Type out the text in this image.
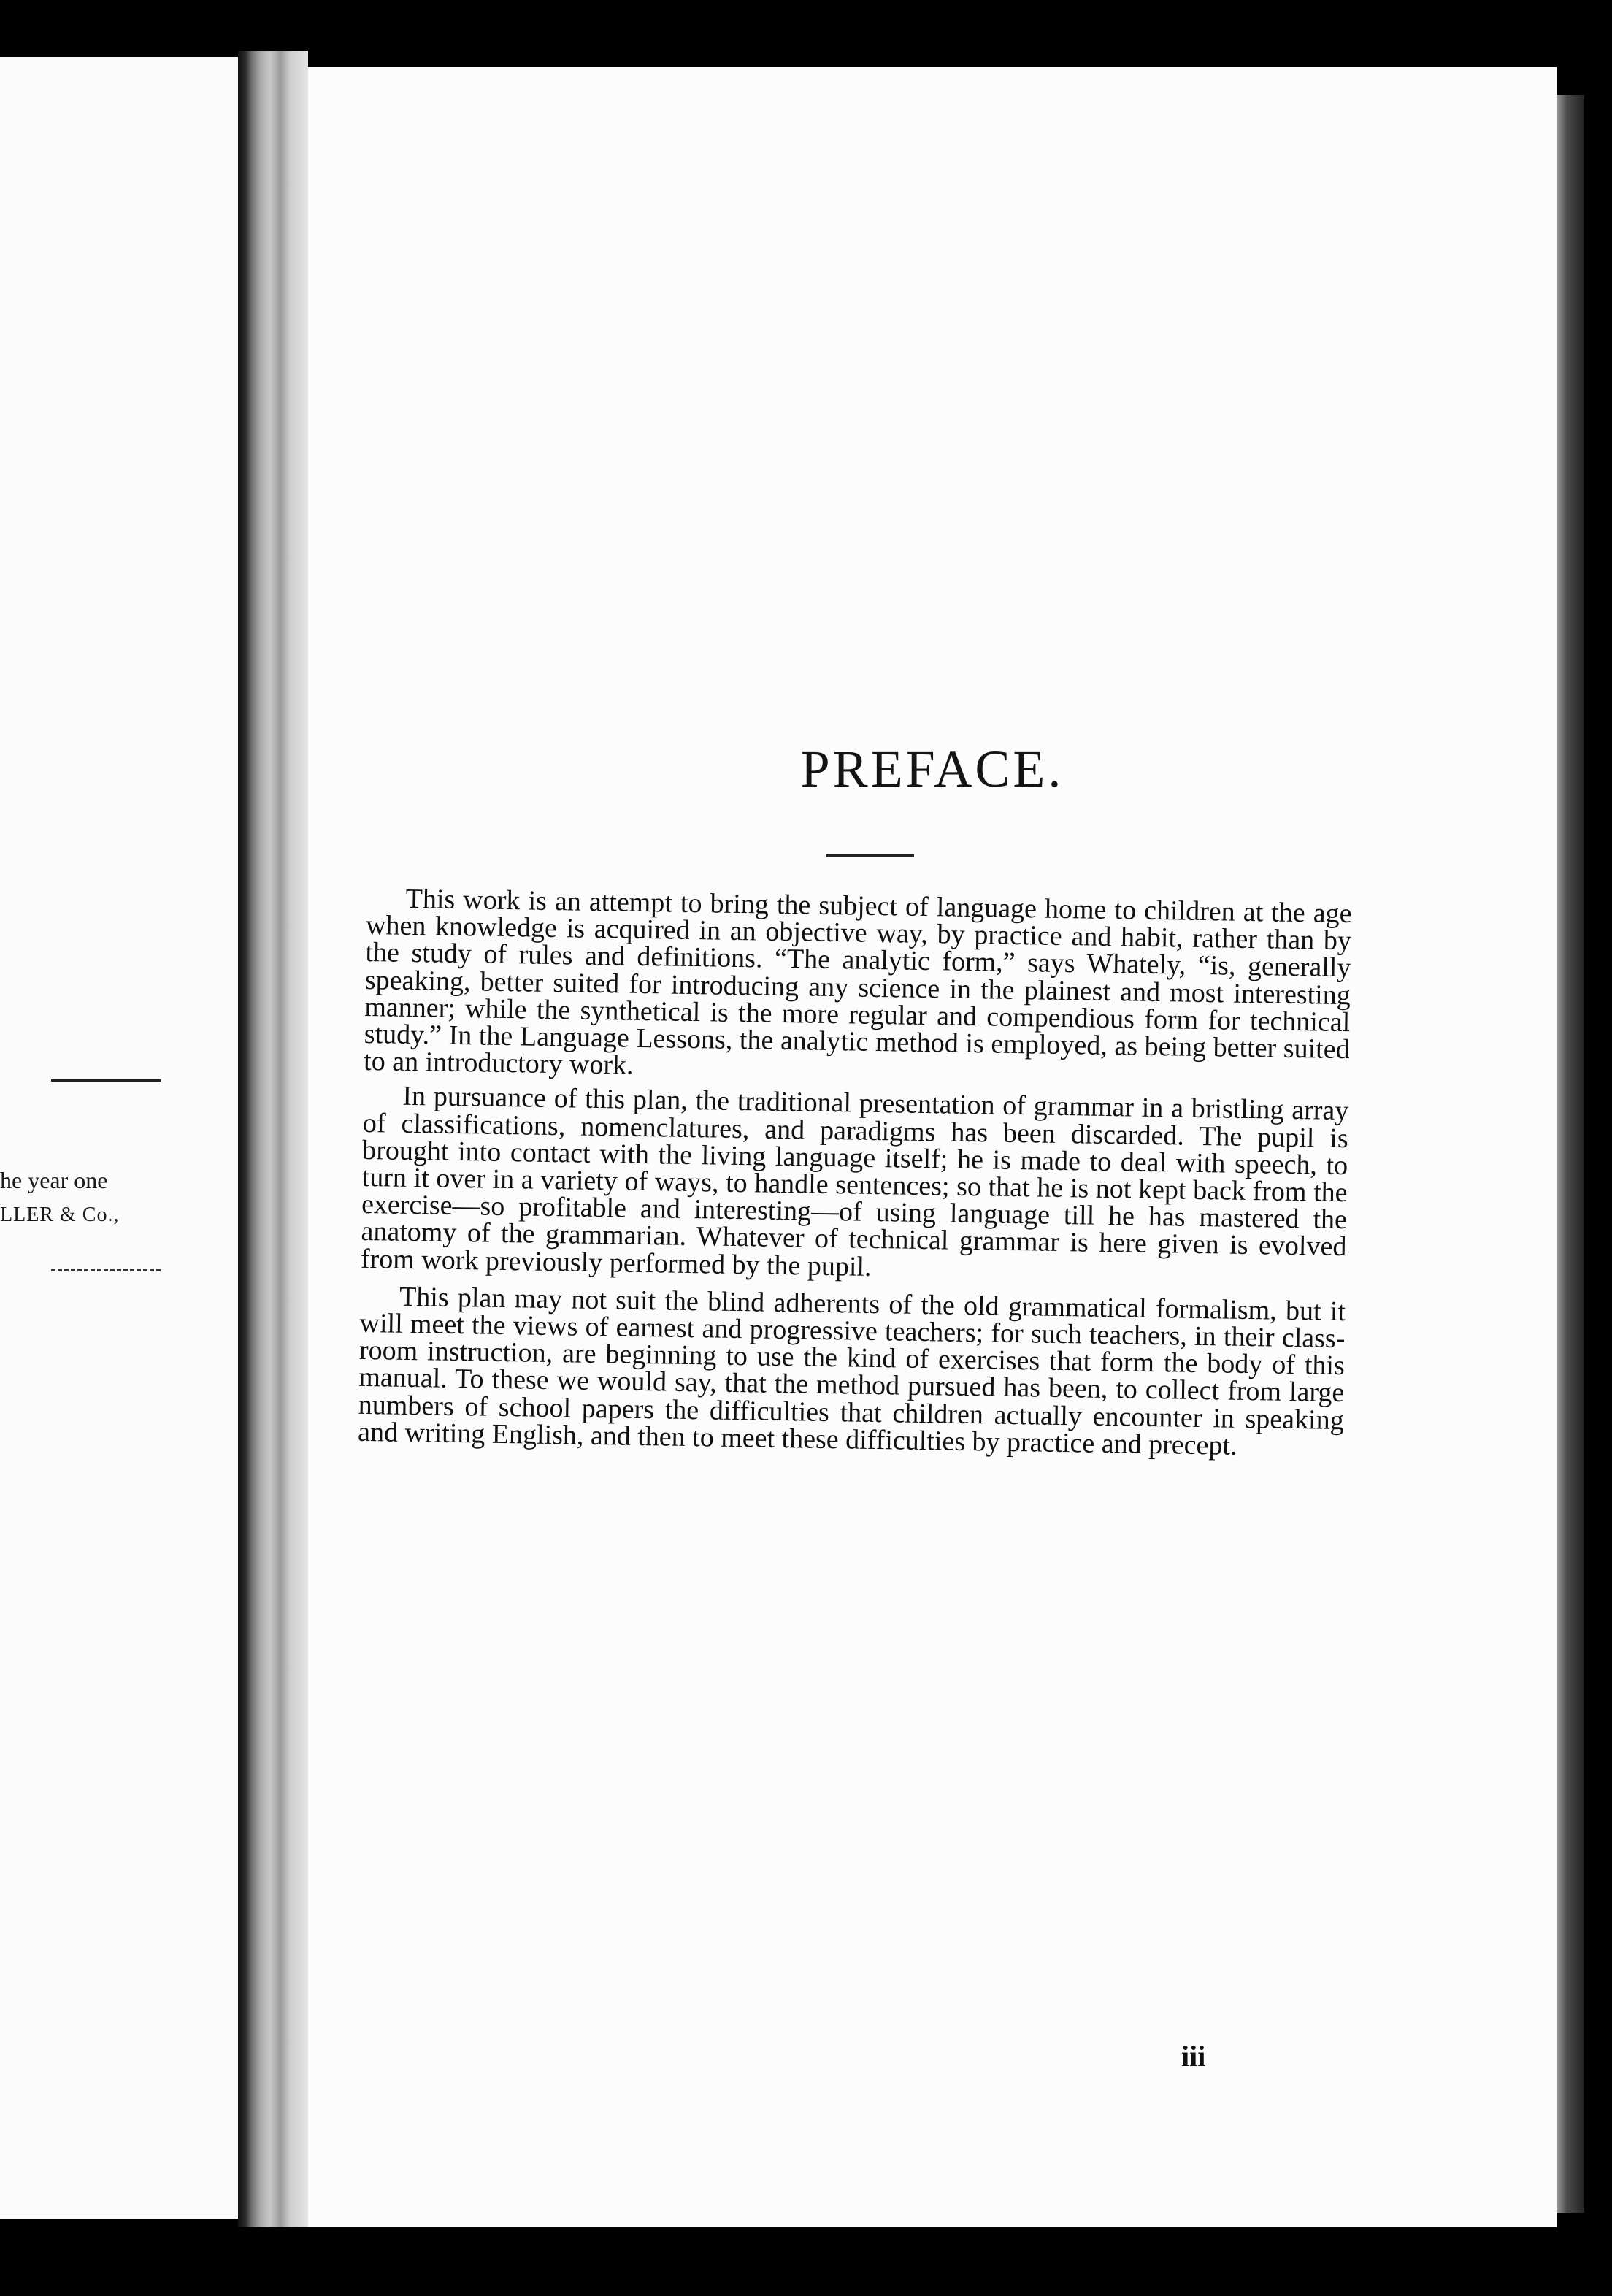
he year one
LLER & Co.,
PREFACE.

This work is an attempt to bring the subject of language home to children at the age when knowledge is acquired in an objective way, by practice and habit, rather than by the study of rules and definitions. “The analytic form,” says Whately, “is, generally speaking, better suited for introducing any science in the plainest and most interesting manner; while the synthetical is the more regular and compendious form for technical study.” In the Language Lessons, the analytic method is employed, as being better suited to an introductory work.

In pursuance of this plan, the traditional presentation of grammar in a bristling array of classifications, nomenclatures, and paradigms has been discarded. The pupil is brought into contact with the living language itself; he is made to deal with speech, to turn it over in a variety of ways, to handle sentences; so that he is not kept back from the exercise—so profitable and interesting—of using language till he has mastered the anatomy of the grammarian. Whatever of technical grammar is here given is evolved from work previously performed by the pupil.

This plan may not suit the blind adherents of the old grammatical formalism, but it will meet the views of earnest and progressive teachers; for such teachers, in their class-room instruction, are beginning to use the kind of exercises that form the body of this manual. To these we would say, that the method pursued has been, to collect from large numbers of school papers the difficulties that children actually encounter in speaking and writing English, and then to meet these difficulties by practice and precept.

iii
